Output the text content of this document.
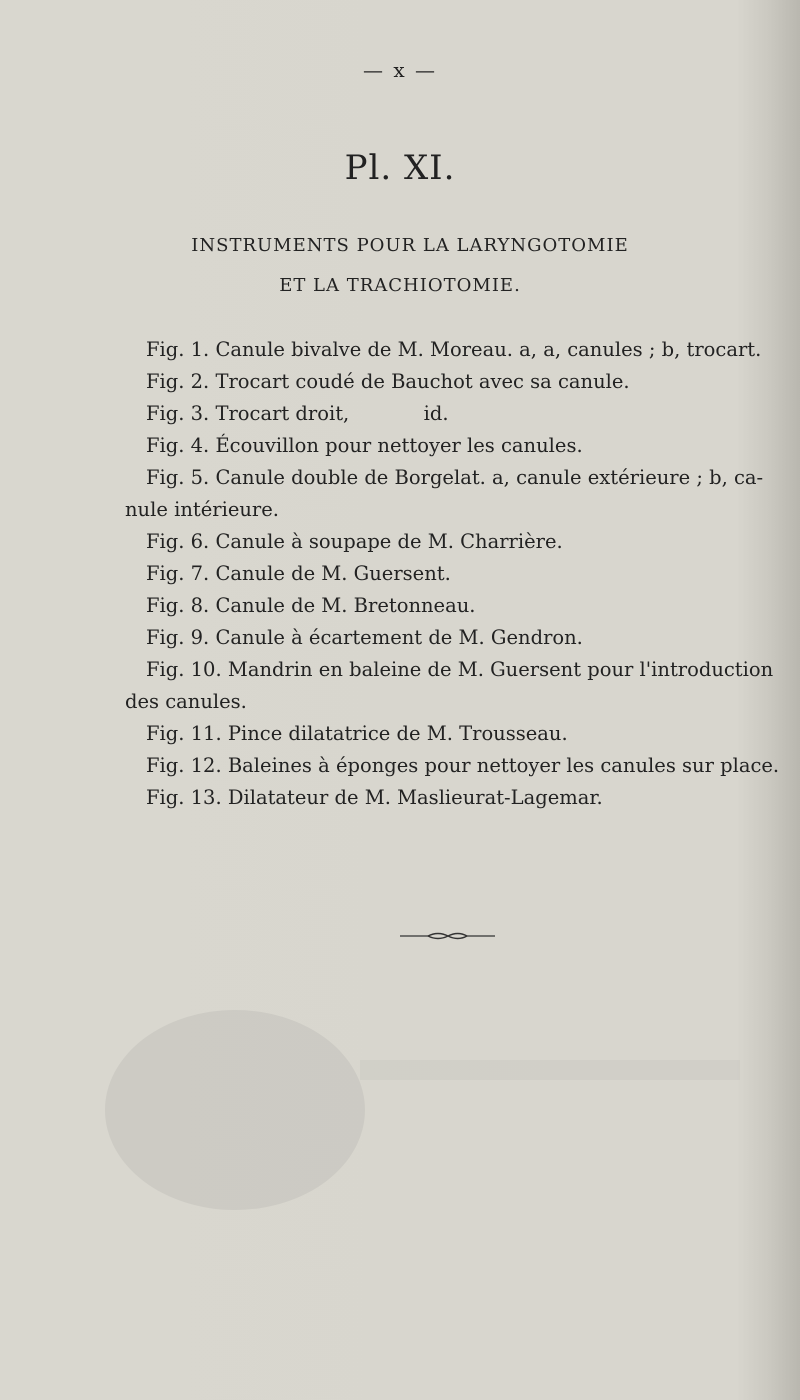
— x —
Pl. XI.
INSTRUMENTS POUR LA LARYNGOTOMIE
ET LA TRACHIOTOMIE.
Fig. 1. Canule bivalve de M. Moreau. a, a, canules ; b, trocart.
Fig. 2. Trocart coudé de Bauchot avec sa canule.
Fig. 3. Trocart droit,            id.
Fig. 4. Écouvillon pour nettoyer les canules.
Fig. 5. Canule double de Borgelat. a, canule extérieure ; b, ca-
nule intérieure.
Fig. 6. Canule à soupape de M. Charrière.
Fig. 7. Canule de M. Guersent.
Fig. 8. Canule de M. Bretonneau.
Fig. 9. Canule à écartement de M. Gendron.
Fig. 10. Mandrin en baleine de M. Guersent pour l'introduction
des canules.
Fig. 11. Pince dilatatrice de M. Trousseau.
Fig. 12. Baleines à éponges pour nettoyer les canules sur place.
Fig. 13. Dilatateur de M. Maslieurat-Lagemar.
